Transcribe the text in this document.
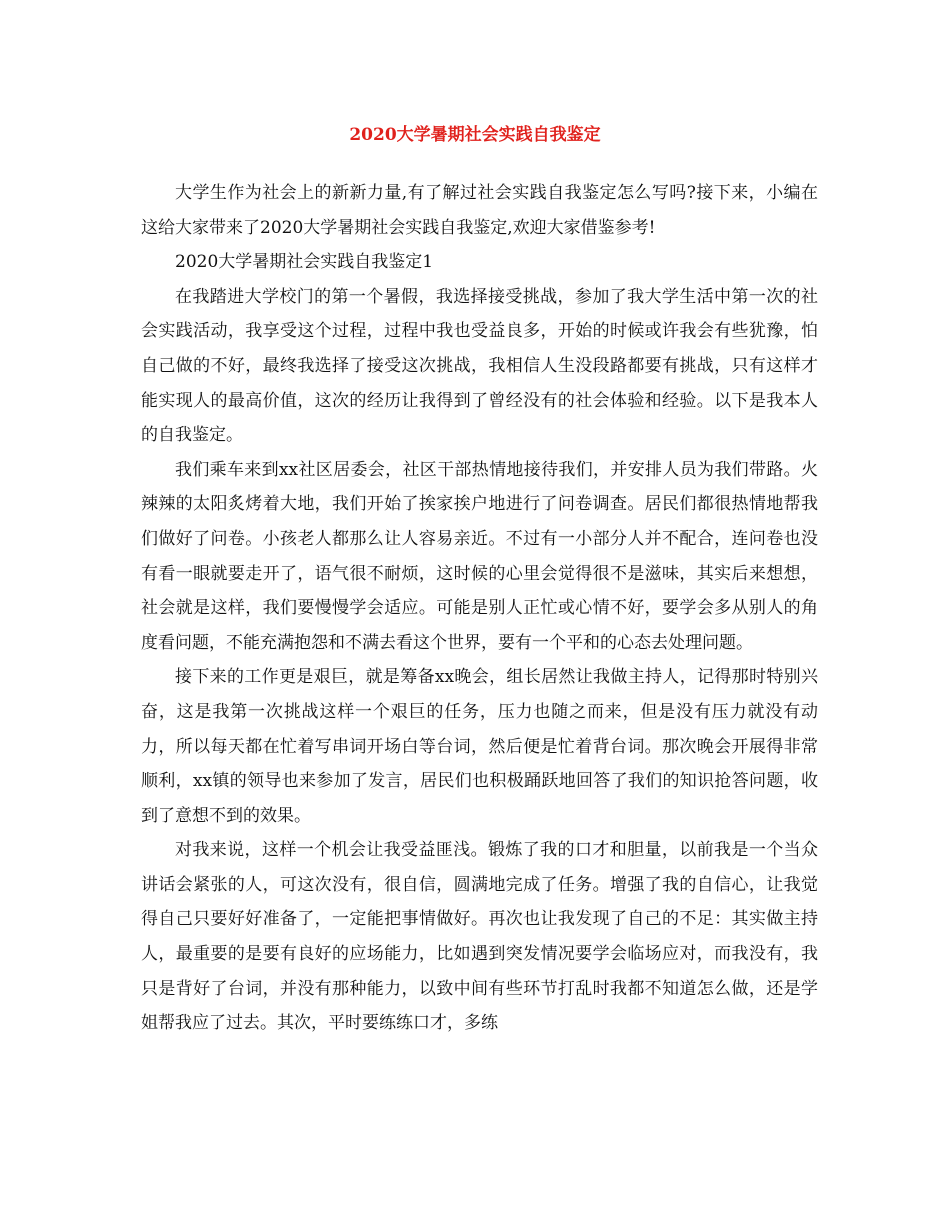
2020大学暑期社会实践自我鉴定

大学生作为社会上的新新力量,有了解过社会实践自我鉴定怎么写吗?接下来，小编在这给大家带来了2020大学暑期社会实践自我鉴定,欢迎大家借鉴参考!

2020大学暑期社会实践自我鉴定1

在我踏进大学校门的第一个暑假，我选择接受挑战，参加了我大学生活中第一次的社会实践活动，我享受这个过程，过程中我也受益良多，开始的时候或许我会有些犹豫，怕自己做的不好，最终我选择了接受这次挑战，我相信人生没段路都要有挑战，只有这样才能实现人的最高价值，这次的经历让我得到了曾经没有的社会体验和经验。以下是我本人的自我鉴定。

我们乘车来到xx社区居委会，社区干部热情地接待我们，并安排人员为我们带路。火辣辣的太阳炙烤着大地，我们开始了挨家挨户地进行了问卷调查。居民们都很热情地帮我们做好了问卷。小孩老人都那么让人容易亲近。不过有一小部分人并不配合，连问卷也没有看一眼就要走开了，语气很不耐烦，这时候的心里会觉得很不是滋味，其实后来想想，社会就是这样，我们要慢慢学会适应。可能是别人正忙或心情不好，要学会多从别人的角度看问题，不能充满抱怨和不满去看这个世界，要有一个平和的心态去处理问题。

接下来的工作更是艰巨，就是筹备xx晚会，组长居然让我做主持人，记得那时特别兴奋，这是我第一次挑战这样一个艰巨的任务，压力也随之而来，但是没有压力就没有动力，所以每天都在忙着写串词开场白等台词，然后便是忙着背台词。那次晚会开展得非常顺利，xx镇的领导也来参加了发言，居民们也积极踊跃地回答了我们的知识抢答问题，收到了意想不到的效果。

对我来说，这样一个机会让我受益匪浅。锻炼了我的口才和胆量，以前我是一个当众讲话会紧张的人，可这次没有，很自信，圆满地完成了任务。增强了我的自信心，让我觉得自己只要好好准备了，一定能把事情做好。再次也让我发现了自己的不足：其实做主持人，最重要的是要有良好的应场能力，比如遇到突发情况要学会临场应对，而我没有，我只是背好了台词，并没有那种能力，以致中间有些环节打乱时我都不知道怎么做，还是学姐帮我应了过去。其次，平时要练练口才，多练
